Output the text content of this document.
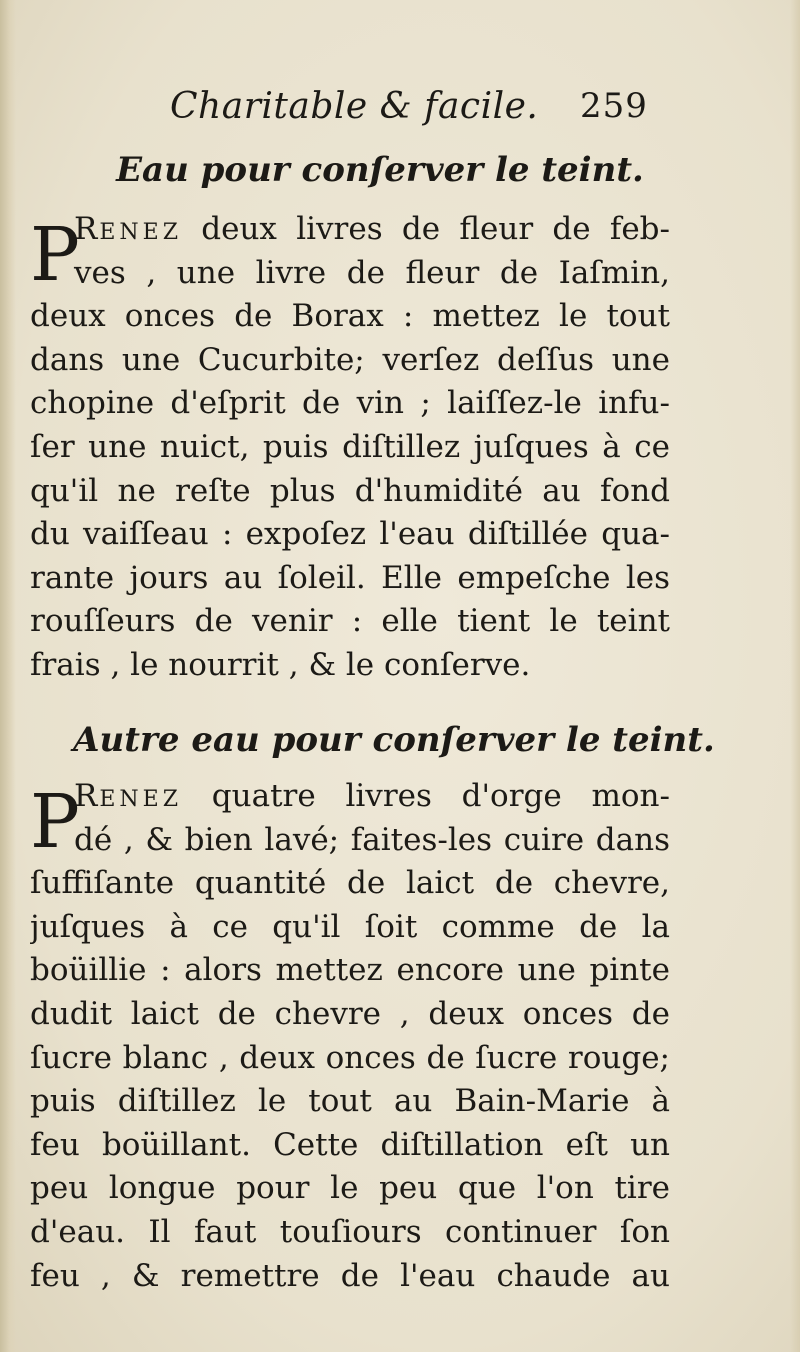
Charitable & facile. 259
Eau pour conſerver le teint.
P
RENEZ deux livres de fleur de feb-
ves , une livre de fleur de Iaſmin,
deux onces de Borax : mettez le tout
dans une Cucurbite; verſez deſſus une
chopine d'eſprit de vin ; laiſſez-le infu-
ſer une nuict, puis diſtillez juſques à ce
qu'il ne reſte plus d'humidité au fond
du vaiſſeau : expoſez l'eau diſtillée qua-
rante jours au ſoleil. Elle empeſche les
rouſſeurs de venir : elle tient le teint
frais , le nourrit , & le conſerve.
Autre eau pour conſerver le teint.
P
RENEZ quatre livres d'orge mon-
dé , & bien lavé; faites-les cuire dans
ſuffiſante quantité de laict de chevre,
juſques à ce qu'il ſoit comme de la
boüillie : alors mettez encore une pinte
dudit laict de chevre , deux onces de
ſucre blanc , deux onces de ſucre rouge;
puis diſtillez le tout au Bain-Marie à
feu boüillant. Cette diſtillation eſt un
peu longue pour le peu que l'on tire
d'eau. Il faut touſiours continuer ſon
feu , & remettre de l'eau chaude au
